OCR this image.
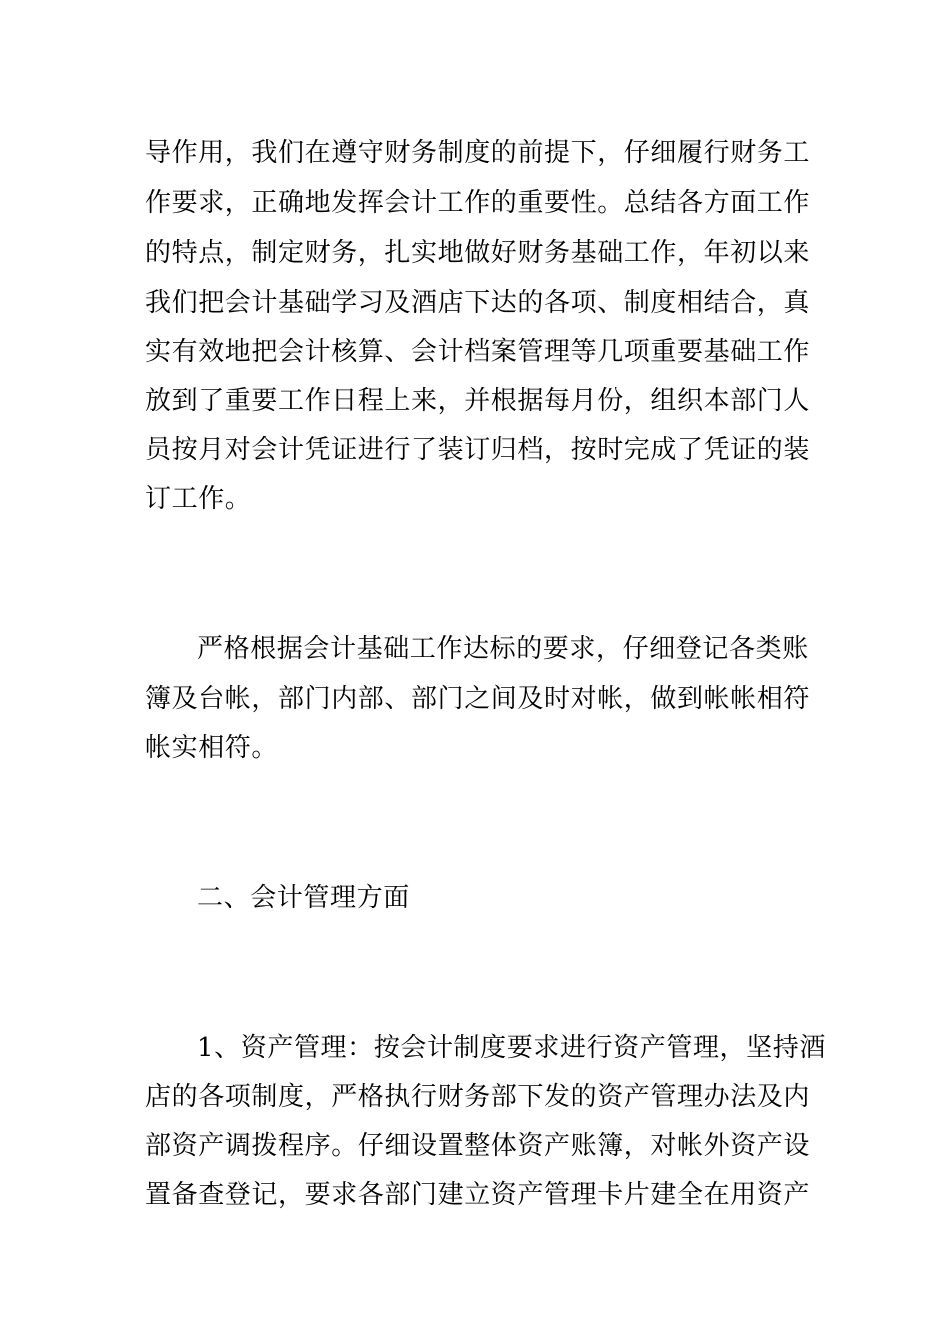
导作用，我们在遵守财务制度的前提下，仔细履行财务工
作要求，正确地发挥会计工作的重要性。总结各方面工作
的特点，制定财务，扎实地做好财务基础工作，年初以来
我们把会计基础学习及酒店下达的各项、制度相结合，真
实有效地把会计核算、会计档案管理等几项重要基础工作
放到了重要工作日程上来，并根据每月份，组织本部门人
员按月对会计凭证进行了装订归档，按时完成了凭证的装
订工作。
严格根据会计基础工作达标的要求，仔细登记各类账
簿及台帐，部门内部、部门之间及时对帐，做到帐帐相符
帐实相符。
二、会计管理方面
1、资产管理：按会计制度要求进行资产管理，坚持酒
店的各项制度，严格执行财务部下发的资产管理办法及内
部资产调拨程序。仔细设置整体资产账簿，对帐外资产设
置备查登记，要求各部门建立资产管理卡片建全在用资产
